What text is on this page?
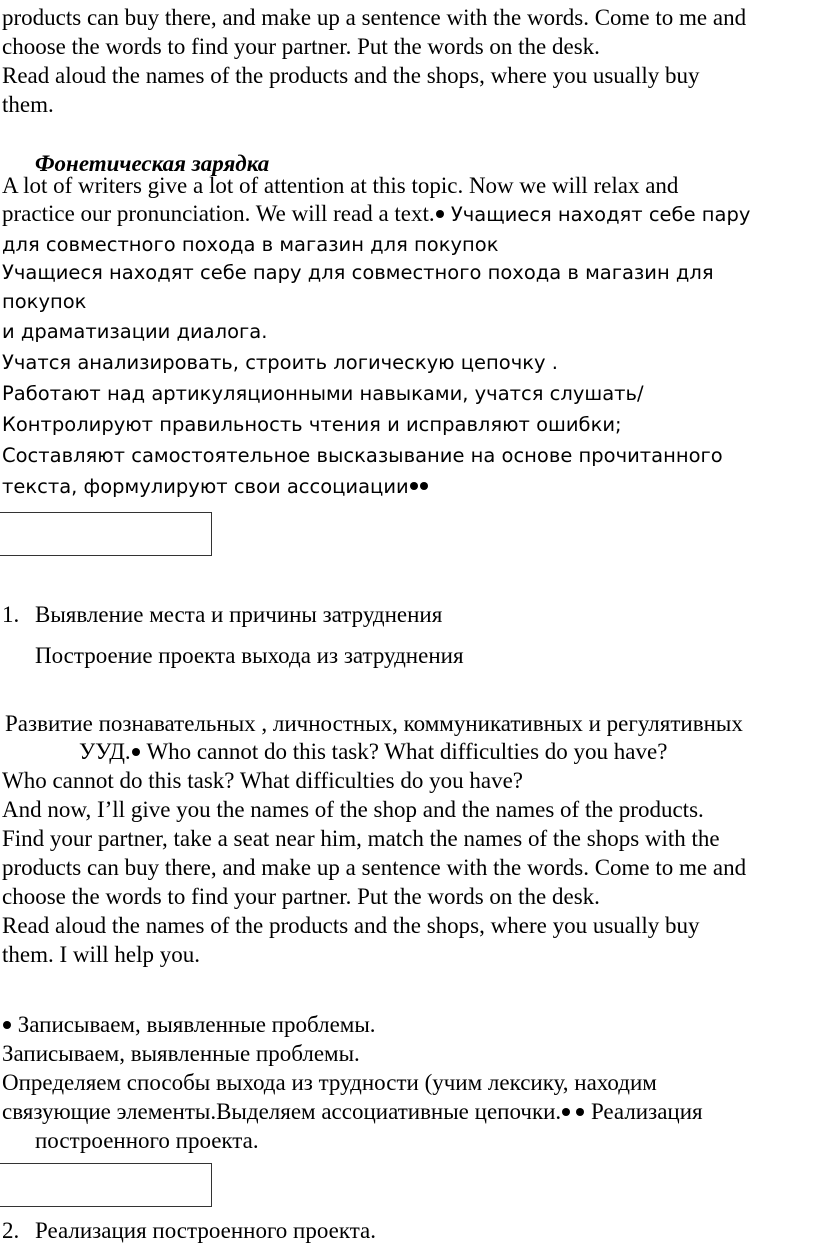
products can buy there, and make up a sentence with the words. Come to me and
choose the words to find your partner. Put the words on the desk.
Read aloud the names of the products and the shops, where you usually buy
them.
Фонетическая зарядка
A lot of writers give a lot of attention at this topic. Now we will relax and
practice our pronunciation. We will read a text. Учащиеся находят себе пару
для совместного похода в магазин для покупок
Учащиеся находят себе пару для совместного похода в магазин для
покупок
и драматизации диалога.
Учатся анализировать, строить логическую цепочку .
Работают над артикуляционными навыками, учатся слушать/
Контролируют правильность чтения и исправляют ошибки;
Составляют самостоятельное высказывание на основе прочитанного
текста, формулируют свои ассоциации
1. Выявление места и причины затруднения
Построение проекта выхода из затруднения
Развитие познавательных , личностных, коммуникативных и регулятивных
УУД. Who cannot do this task? What difficulties do you have?
Who cannot do this task? What difficulties do you have?
And now, I’ll give you the names of the shop and the names of the products.
Find your partner, take a seat near him, match the names of the shops with the
products can buy there, and make up a sentence with the words. Come to me and
choose the words to find your partner. Put the words on the desk.
Read aloud the names of the products and the shops, where you usually buy
them. I will help you.
Записываем, выявленные проблемы.
Записываем, выявленные проблемы.
Определяем способы выхода из трудности (учим лексику, находим
связующие элементы.Выделяем ассоциативные цепочки.  Реализация
построенного проекта.
2. Реализация построенного проекта.
